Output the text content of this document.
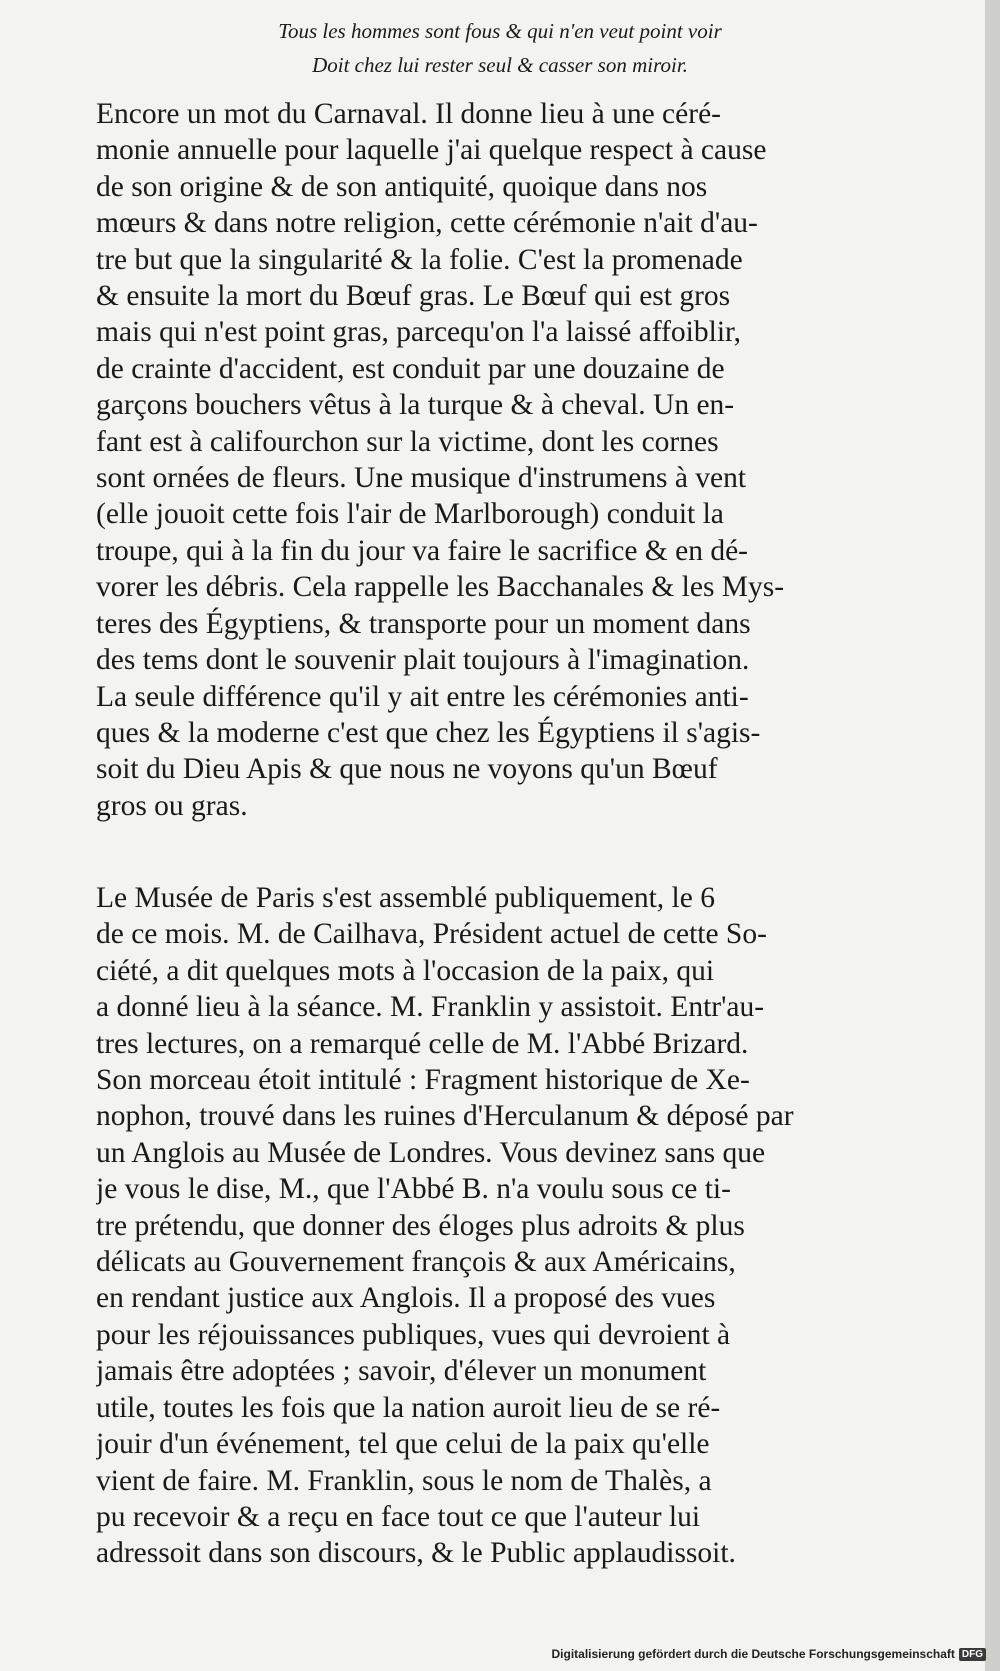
Tous les hommes sont fous & qui n'en veut point voir
Doit chez lui rester seul & casser son miroir.
Encore un mot du Carnaval. Il donne lieu à une céré-
monie annuelle pour laquelle j'ai quelque respect à cause
de son origine & de son antiquité, quoique dans nos
mœurs & dans notre religion, cette cérémonie n'ait d'au-
tre but que la singularité & la folie. C'est la promenade
& ensuite la mort du Bœuf gras. Le Bœuf qui est gros
mais qui n'est point gras, parcequ'on l'a laissé affoiblir,
de crainte d'accident, est conduit par une douzaine de
garçons bouchers vêtus à la turque & à cheval. Un en-
fant est à califourchon sur la victime, dont les cornes
sont ornées de fleurs. Une musique d'instrumens à vent
(elle jouoit cette fois l'air de Marlborough) conduit la
troupe, qui à la fin du jour va faire le sacrifice & en dé-
vorer les débris. Cela rappelle les Bacchanales & les Mys-
teres des Égyptiens, & transporte pour un moment dans
des tems dont le souvenir plait toujours à l'imagination.
La seule différence qu'il y ait entre les cérémonies anti-
ques & la moderne c'est que chez les Égyptiens il s'agis-
soit du Dieu Apis & que nous ne voyons qu'un Bœuf
gros ou gras.
Le Musée de Paris s'est assemblé publiquement, le 6
de ce mois. M. de Cailhava, Président actuel de cette So-
ciété, a dit quelques mots à l'occasion de la paix, qui
a donné lieu à la séance. M. Franklin y assistoit. Entr'au-
tres lectures, on a remarqué celle de M. l'Abbé Brizard.
Son morceau étoit intitulé : Fragment historique de Xe-
nophon, trouvé dans les ruines d'Herculanum & déposé par
un Anglois au Musée de Londres. Vous devinez sans que
je vous le dise, M., que l'Abbé B. n'a voulu sous ce ti-
tre prétendu, que donner des éloges plus adroits & plus
délicats au Gouvernement françois & aux Américains,
en rendant justice aux Anglois. Il a proposé des vues
pour les réjouissances publiques, vues qui devroient à
jamais être adoptées ; savoir, d'élever un monument
utile, toutes les fois que la nation auroit lieu de se ré-
jouir d'un événement, tel que celui de la paix qu'elle
vient de faire. M. Franklin, sous le nom de Thalès, a
pu recevoir & a reçu en face tout ce que l'auteur lui
adressoit dans son discours, & le Public applaudissoit.
Digitalisierung gefördert durch die Deutsche Forschungsgemeinschaft DFG
